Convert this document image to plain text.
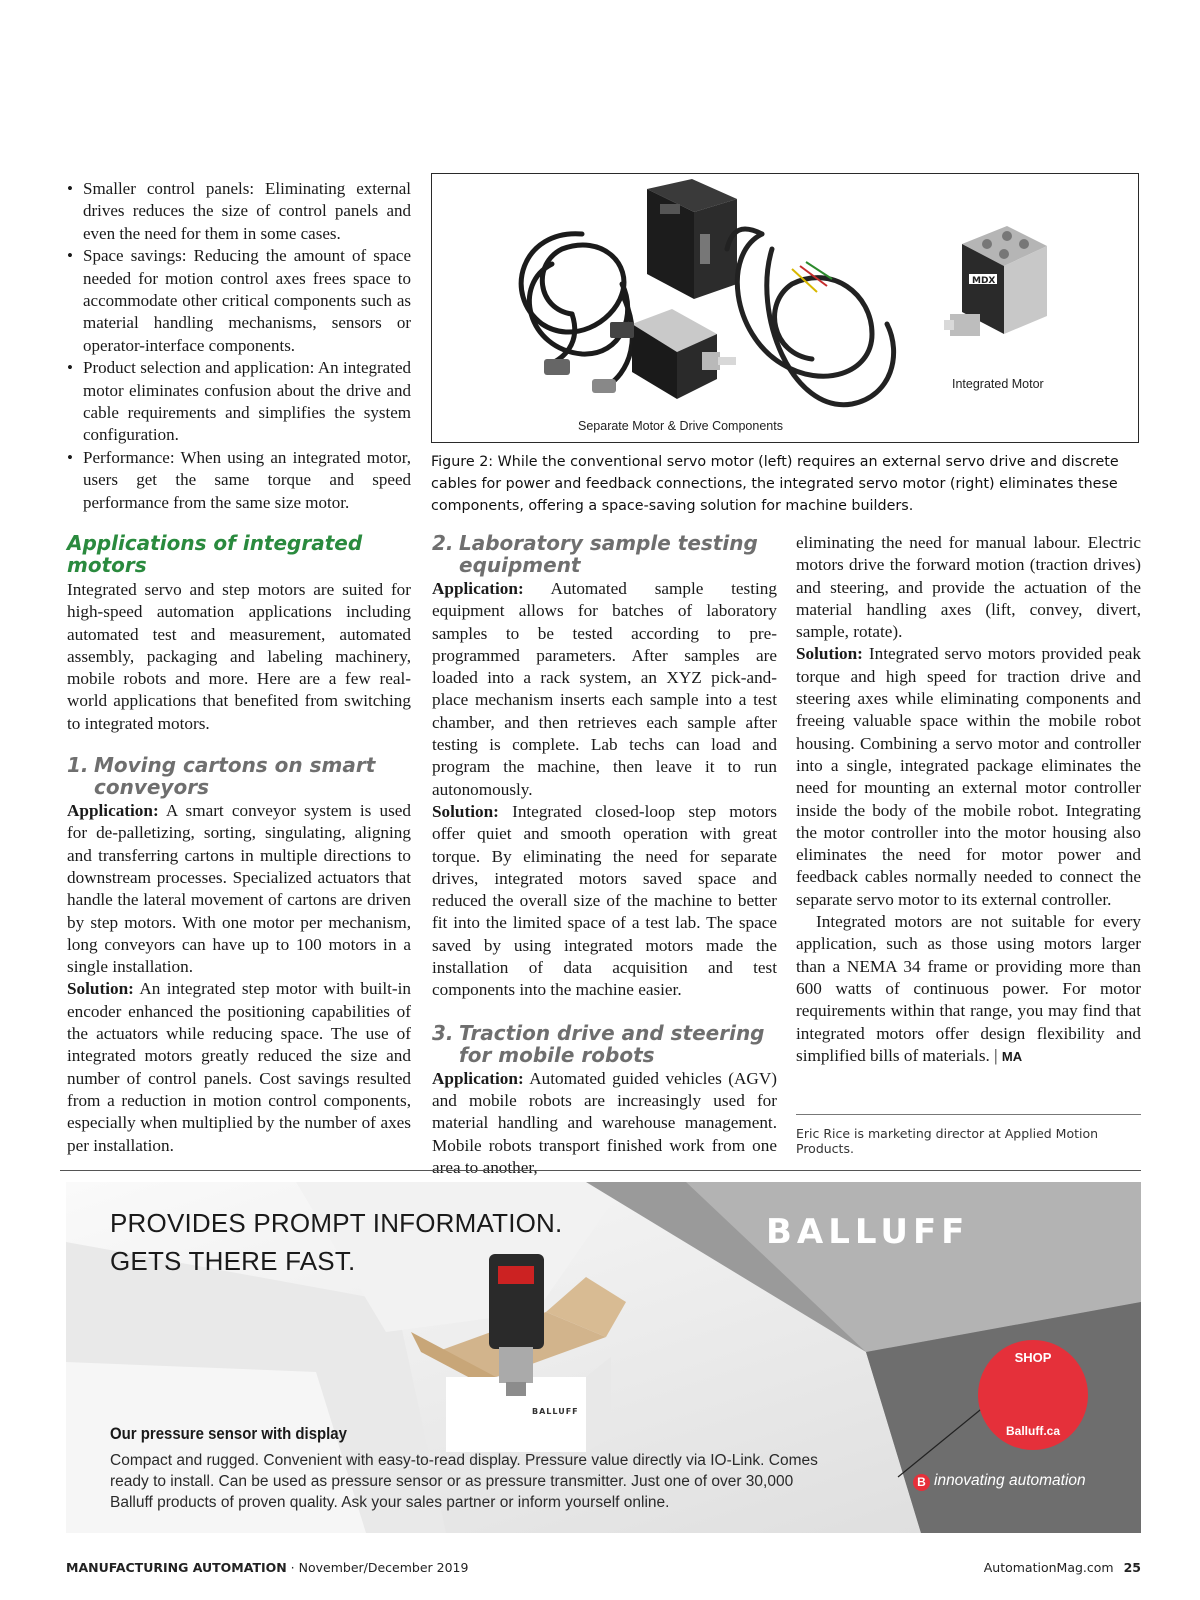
• Smaller control panels: Eliminating external drives reduces the size of control panels and even the need for them in some cases.
• Space savings: Reducing the amount of space needed for motion control axes frees space to accommodate other critical components such as material handling mechanisms, sensors or operator-interface components.
• Product selection and application: An integrated motor eliminates confusion about the drive and cable requirements and simplifies the system configuration.
• Performance: When using an integrated motor, users get the same torque and speed performance from the same size motor.
MDX
Separate Motor & Drive Components
Integrated Motor
Figure 2: While the conventional servo motor (left) requires an external servo drive and discrete cables for power and feedback connections, the integrated servo motor (right) eliminates these components, offering a space-saving solution for machine builders.
Applications of integrated motors
Integrated servo and step motors are suited for high-speed automation applications including automated test and measurement, automated assembly, packaging and labeling machinery, mobile robots and more. Here are a few real-world applications that benefited from switching to integrated motors.
1. Moving cartons on smart conveyors

Application: A smart conveyor system is used for de-palletizing, sorting, singulating, aligning and transferring cartons in multiple directions to downstream processes. Specialized actuators that handle the lateral movement of cartons are driven by step motors. With one motor per mechanism, long conveyors can have up to 100 motors in a single installation.

Solution: An integrated step motor with built-in encoder enhanced the positioning capabilities of the actuators while reducing space. The use of integrated motors greatly reduced the size and number of control panels. Cost savings resulted from a reduction in motion control components, especially when multiplied by the number of axes per installation.

2. Laboratory sample testing equipment

Application: Automated sample testing equipment allows for batches of laboratory samples to be tested according to pre-programmed parameters. After samples are loaded into a rack system, an XYZ pick-and-place mechanism inserts each sample into a test chamber, and then retrieves each sample after testing is complete. Lab techs can load and program the machine, then leave it to run autonomously.

Solution: Integrated closed-loop step motors offer quiet and smooth operation with great torque. By eliminating the need for separate drives, integrated motors saved space and reduced the overall size of the machine to better fit into the limited space of a test lab. The space saved by using integrated motors made the installation of data acquisition and test components into the machine easier.

3. Traction drive and steering for mobile robots

Application: Automated guided vehicles (AGV) and mobile robots are increasingly used for material handling and warehouse management. Mobile robots transport finished work from one area to another,

eliminating the need for manual labour. Electric motors drive the forward motion (traction drives) and steering, and provide the actuation of the material handling axes (lift, convey, divert, sample, rotate).

Solution: Integrated servo motors provided peak torque and high speed for traction drive and steering axes while eliminating components and freeing valuable space within the mobile robot housing. Combining a servo motor and controller into a single, integrated package eliminates the need for mounting an external motor controller inside the body of the mobile robot. Integrating the motor controller into the motor housing also eliminates the need for motor power and feedback cables normally needed to connect the separate servo motor to its external controller.

Integrated motors are not suitable for every application, such as those using motors larger than a NEMA 34 frame or providing more than 600 watts of continuous power. For motor requirements within that range, you may find that integrated motors offer design flexibility and simplified bills of materials. | MA

Eric Rice is marketing director at Applied Motion Products.
PROVIDES PROMPT INFORMATION.
GETS THERE FAST.
BALLUFF
BALLUFF
SHOP
Balluff.ca
B innovating automation
Our pressure sensor with display
Compact and rugged. Convenient with easy-to-read display. Pressure value directly via IO-Link. Comes ready to install. Can be used as pressure sensor or as pressure transmitter. Just one of over 30,000 Balluff products of proven quality. Ask your sales partner or inform yourself online.
MANUFACTURING AUTOMATION · November/December 2019	AutomationMag.com 25
